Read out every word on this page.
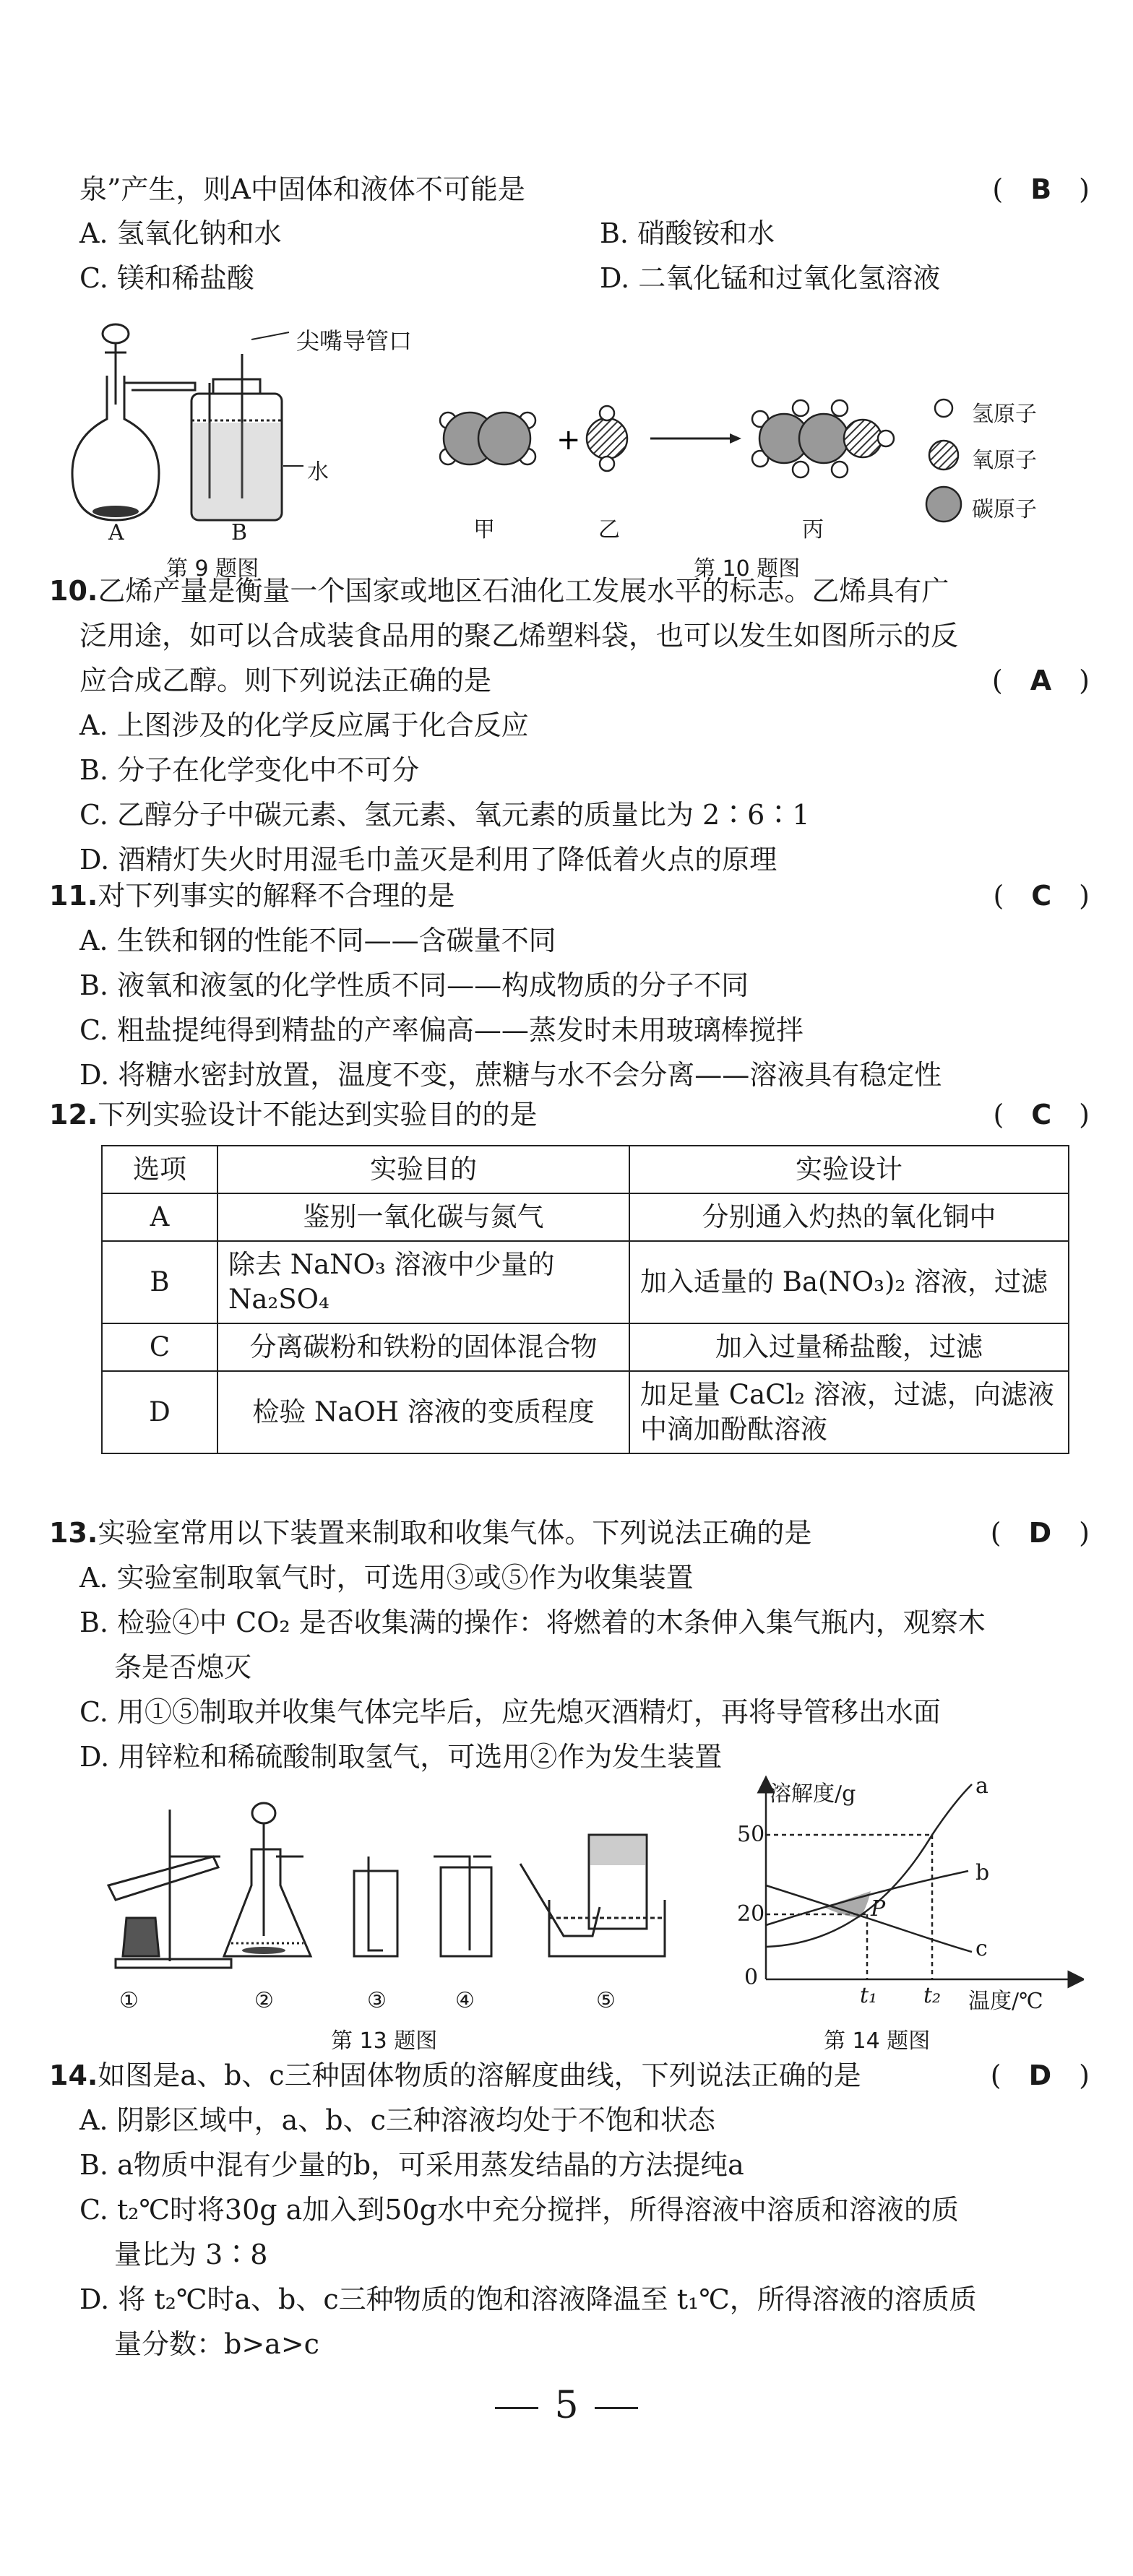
泉”产生，则A中固体和液体不可能是	(　B　)
A. 氢氧化钠和水	B. 硝酸铵和水
C. 镁和稀盐酸	D. 二氧化锰和过氧化氢溶液
尖嘴导管口
水
A	B
第 9 题图
+
甲	乙	丙
氢原子
氧原子
碳原子
第 10 题图
10.乙烯产量是衡量一个国家或地区石油化工发展水平的标志。乙烯具有广
泛用途，如可以合成装食品用的聚乙烯塑料袋，也可以发生如图所示的反
应合成乙醇。则下列说法正确的是	(　A　)
A. 上图涉及的化学反应属于化合反应
B. 分子在化学变化中不可分
C. 乙醇分子中碳元素、氢元素、氧元素的质量比为 2∶6∶1
D. 酒精灯失火时用湿毛巾盖灭是利用了降低着火点的原理
11.对下列事实的解释不合理的是	(　C　)
A. 生铁和钢的性能不同——含碳量不同
B. 液氧和液氢的化学性质不同——构成物质的分子不同
C. 粗盐提纯得到精盐的产率偏高——蒸发时未用玻璃棒搅拌
D. 将糖水密封放置，温度不变，蔗糖与水不会分离——溶液具有稳定性
12.下列实验设计不能达到实验目的的是	(　C　)
选项	实验目的	实验设计
A	鉴别一氧化碳与氮气	分别通入灼热的氧化铜中
B	除去 NaNO₃ 溶液中少量的 Na₂SO₄	加入适量的 Ba(NO₃)₂ 溶液，过滤
C	分离碳粉和铁粉的固体混合物	加入过量稀盐酸，过滤
D	检验 NaOH 溶液的变质程度	加足量 CaCl₂ 溶液，过滤，向滤液中滴加酚酞溶液
13.实验室常用以下装置来制取和收集气体。下列说法正确的是	(　D　)
A. 实验室制取氧气时，可选用③或⑤作为收集装置
B. 检验④中 CO₂ 是否收集满的操作：将燃着的木条伸入集气瓶内，观察木
条是否熄灭
C. 用①⑤制取并收集气体完毕后，应先熄灭酒精灯，再将导管移出水面
D. 用锌粒和稀硫酸制取氢气，可选用②作为发生装置
①	②	③	④	⑤
第 13 题图
溶解度/g
50
20
0
a
b
c
P
t₁ t₂ 温度/℃
第 14 题图
14.如图是a、b、c三种固体物质的溶解度曲线，下列说法正确的是	(　D　)
A. 阴影区域中，a、b、c三种溶液均处于不饱和状态
B. a物质中混有少量的b，可采用蒸发结晶的方法提纯a
C. t₂℃时将30g a加入到50g水中充分搅拌，所得溶液中溶质和溶液的质
量比为 3∶8
D. 将 t₂℃时a、b、c三种物质的饱和溶液降温至 t₁℃，所得溶液的溶质质
量分数：b>a>c
5
